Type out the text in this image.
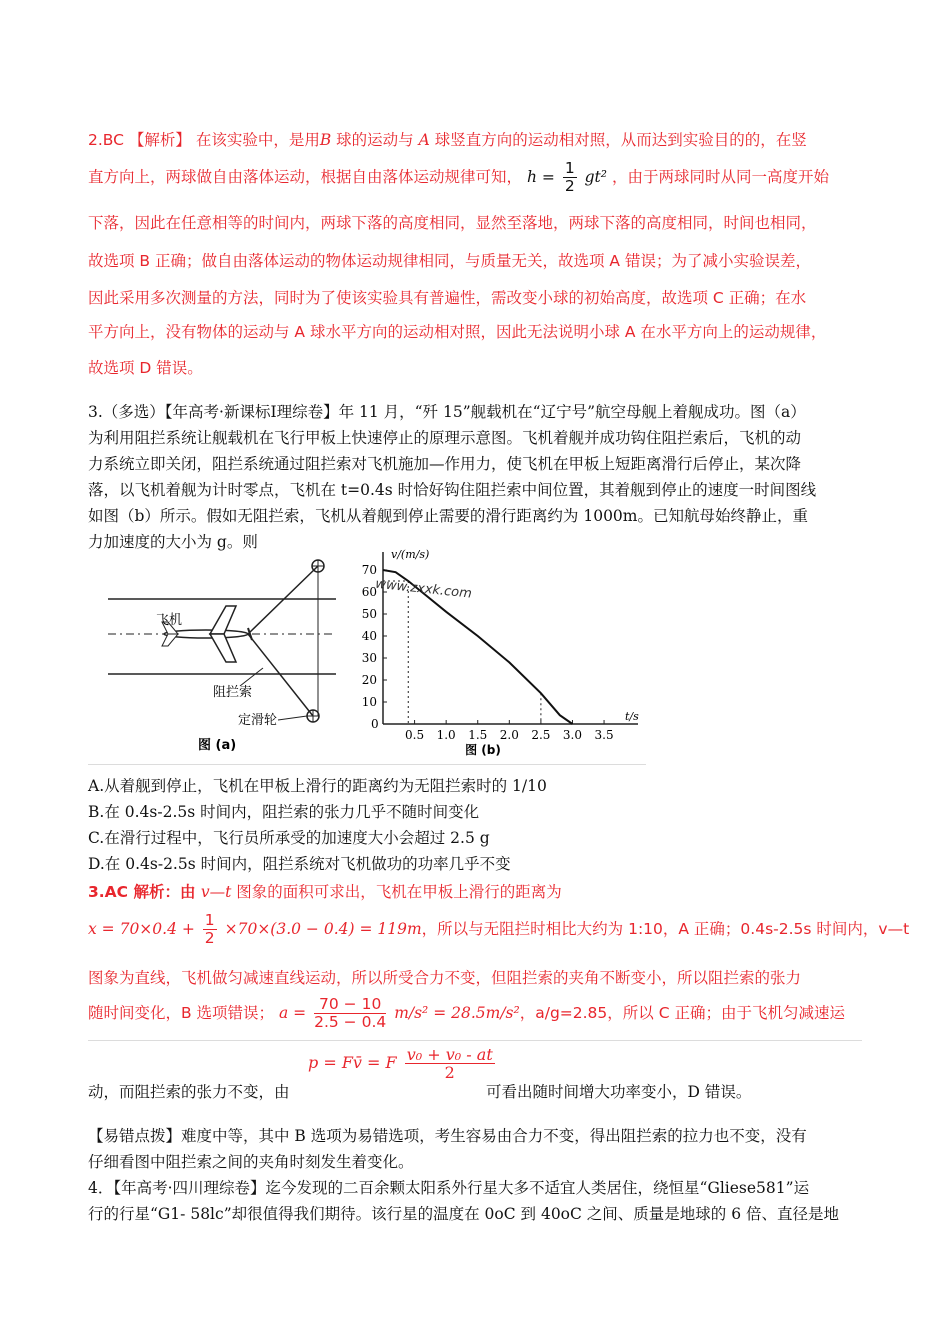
2.BC 【解析】 在该实验中，是用B 球的运动与 A 球竖直方向的运动相对照，从而达到实验目的的，在竖
直方向上，两球做自由落体运动，根据自由落体运动规律可知， $h = \frac{1}{2} gt^2$ ，由于两球同时从同一高度开始
下落，因此在任意相等的时间内，两球下落的高度相同，显然至落地，两球下落的高度相同，时间也相同，
故选项 B 正确；做自由落体运动的物体运动规律相同，与质量无关，故选项 A 错误；为了减小实验误差，
因此采用多次测量的方法，同时为了使该实验具有普遍性，需改变小球的初始高度，故选项 C 正确；在水
平方向上，没有物体的运动与 A 球水平方向的运动相对照，因此无法说明小球 A 在水平方向上的运动规律，
故选项 D 错误。
3.（多选）【年高考·新课标Ⅰ理综卷】年 11 月，“歼 15”舰载机在“辽宁号”航空母舰上着舰成功。图（a）
为利用阻拦系统让舰载机在飞行甲板上快速停止的原理示意图。飞机着舰并成功钩住阻拦索后，飞机的动
力系统立即关闭，阻拦系统通过阻拦索对飞机施加—作用力，使飞机在甲板上短距离滑行后停止，某次降
落，以飞机着舰为计时零点，飞机在 t=0.4s 时恰好钩住阻拦索中间位置，其着舰到停止的速度一时间图线
如图（b）所示。假如无阻拦索，飞机从着舰到停止需要的滑行距离约为 1000m。已知航母始终静止，重
力加速度的大小为 g。则
飞机
阻拦索
定滑轮
图 (a)
v/(m/s)
t/s
0
10
20
30
40
50
60
70
0.5 1.0 1.5 2.0 2.5 3.0 3.5
www.zxxk.com
图 (b)
A.从着舰到停止，飞机在甲板上滑行的距离约为无阻拦索时的 1/10
B.在 0.4s-2.5s 时间内，阻拦索的张力几乎不随时间变化
C.在滑行过程中，飞行员所承受的加速度大小会超过 2.5 g
D.在 0.4s-2.5s 时间内，阻拦系统对飞机做功的功率几乎不变
3.AC 解析：由 v—t 图象的面积可求出，飞机在甲板上滑行的距离为
$x = 70\times 0.4 + \frac{1}{2} \times 70\times(3.0 - 0.4) = 119m$，所以与无阻拦时相比大约为 1:10，A 正确；0.4s-2.5s 时间内，v—t
图象为直线，飞机做匀减速直线运动，所以所受合力不变，但阻拦索的夹角不断变小，所以阻拦索的张力
随时间变化，B 选项错误； $a = \frac{70 - 10}{2.5 - 0.4} m/s^2 = 28.5m/s^2$，a/g=2.85，所以 C 正确；由于飞机匀减速运
p = Fv̄ = F $\frac{\text{v₀ + v₀ - at}}{2}$
动，而阻拦索的张力不变，由	可看出随时间增大功率变小，D 错误。
【易错点拨】难度中等，其中 B 选项为易错选项，考生容易由合力不变，得出阻拦索的拉力也不变，没有
仔细看图中阻拦索之间的夹角时刻发生着变化。
4．【年高考·四川理综卷】迄今发现的二百余颗太阳系外行星大多不适宜人类居住，绕恒星“Gliese581”运
行的行星“G1- 58lc”却很值得我们期待。该行星的温度在 0oC 到 40oC 之间、质量是地球的 6 倍、直径是地
